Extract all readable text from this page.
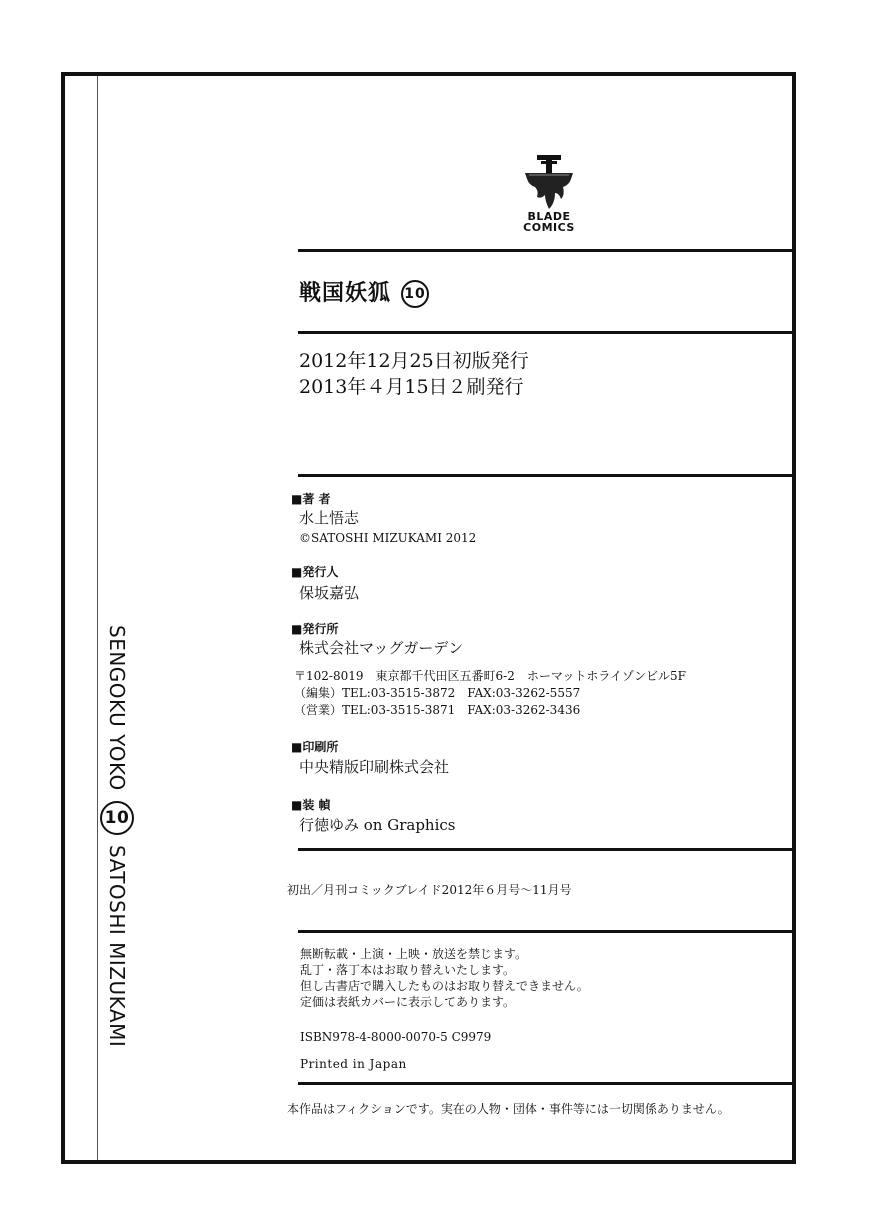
SENGOKU YOKO
10
SATOSHI MIZUKAMI
BLADE
COMICS
戦国妖狐 10
2012年12月25日初版発行
2013年４月15日２刷発行
■著 者
水上悟志
©SATOSHI MIZUKAMI 2012
■発行人
保坂嘉弘
■発行所
株式会社マッグガーデン
〒102-8019　東京都千代田区五番町6-2　ホーマットホライゾンビル5F
（編集）TEL:03-3515-3872　FAX:03-3262-5557
（営業）TEL:03-3515-3871　FAX:03-3262-3436
■印刷所
中央精版印刷株式会社
■装 幀
行徳ゆみ on Graphics
初出／月刊コミックブレイド2012年６月号〜11月号
無断転載・上演・上映・放送を禁じます。
乱丁・落丁本はお取り替えいたします。
但し古書店で購入したものはお取り替えできません。
定価は表紙カバーに表示してあります。
ISBN978-4-8000-0070-5 C9979
Printed in Japan
本作品はフィクションです。実在の人物・団体・事件等には一切関係ありません。
